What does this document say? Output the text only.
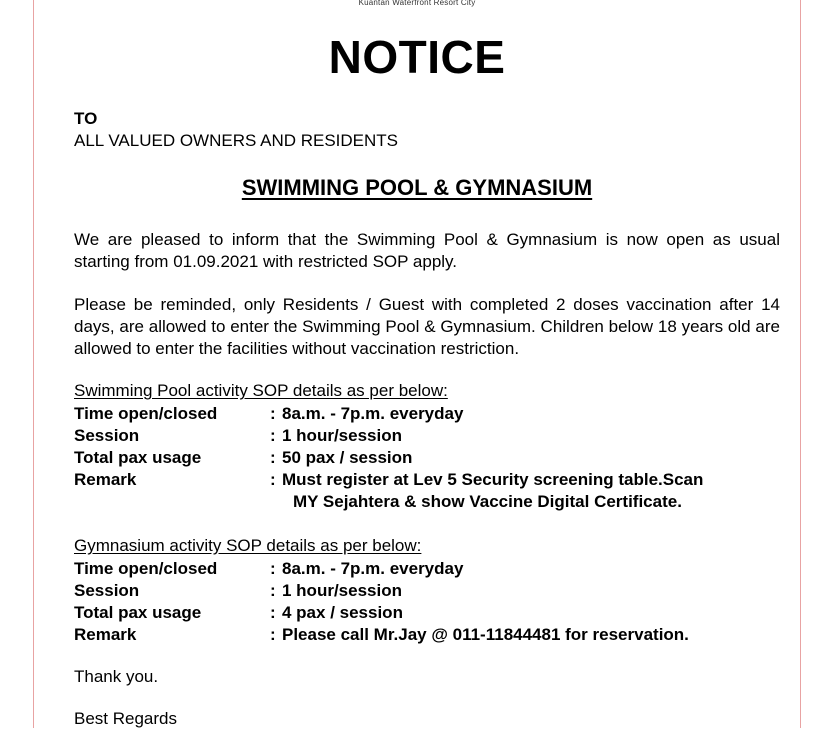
Kuantan Waterfront Resort City
NOTICE
TO
ALL VALUED OWNERS AND RESIDENTS
SWIMMING POOL & GYMNASIUM
We are pleased to inform that the Swimming Pool & Gymnasium is now open as usual starting from 01.09.2021 with restricted SOP apply.
Please be reminded, only Residents / Guest with completed 2 doses vaccination after 14 days, are allowed to enter the Swimming Pool & Gymnasium. Children below 18 years old are allowed to enter the facilities without vaccination restriction.
Swimming Pool activity SOP details as per below:
Time open/closed	: 8a.m. - 7p.m. everyday
Session	: 1 hour/session
Total pax usage	: 50 pax / session
Remark	: Must register at Lev 5 Security screening table.Scan
MY Sejahtera & show Vaccine Digital Certificate.
Gymnasium activity SOP details as per below:
Time open/closed	: 8a.m. - 7p.m. everyday
Session	: 1 hour/session
Total pax usage	: 4 pax / session
Remark	: Please call Mr.Jay @ 011-11844481 for reservation.
Thank you.
Best Regards
